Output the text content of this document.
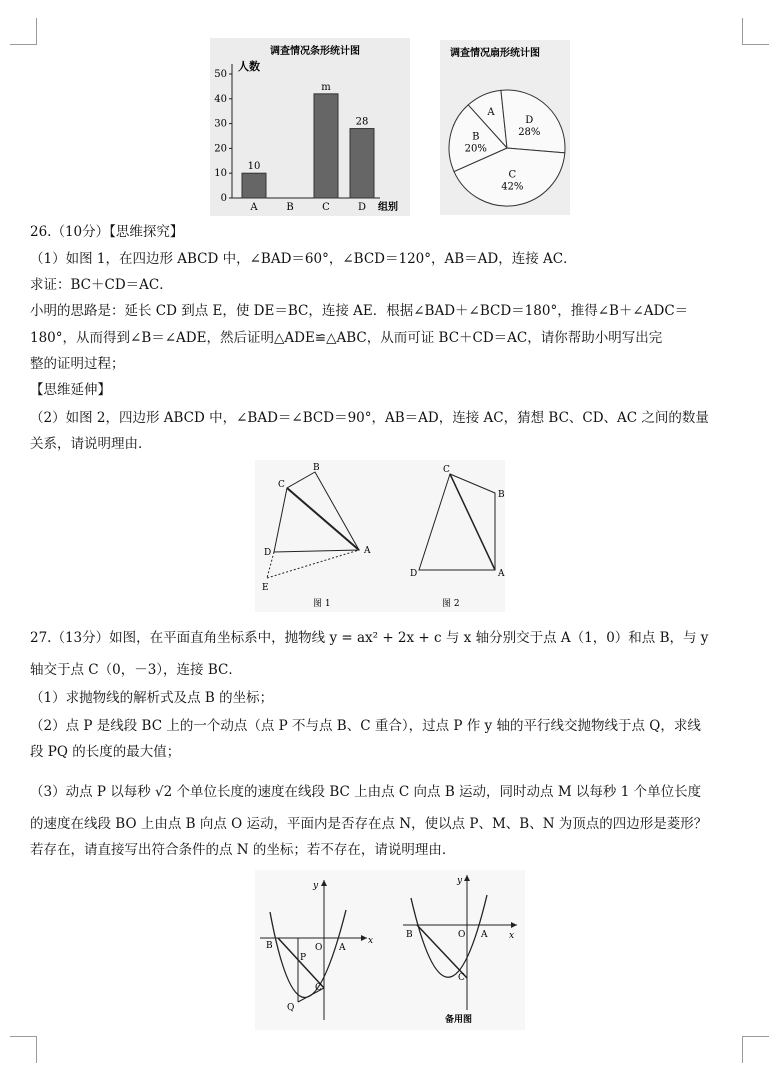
调查情况条形统计图
人数
组别
0
10
20
30
40
50
10
A	B
m
C
28
D
调查情况扇形统计图
A
D
28%
C
42%
B
20%
26.（10分）【思维探究】
（1）如图 1，在四边形 ABCD 中，∠BAD＝60°，∠BCD＝120°，AB＝AD，连接 AC．
求证：BC＋CD＝AC．
小明的思路是：延长 CD 到点 E，使 DE＝BC，连接 AE．根据∠BAD＋∠BCD＝180°，推得∠B＋∠ADC＝
180°，从而得到∠B＝∠ADE，然后证明△ADE≌△ABC，从而可证 BC＋CD＝AC，请你帮助小明写出完
整的证明过程；
【思维延伸】
（2）如图 2，四边形 ABCD 中，∠BAD＝∠BCD＝90°，AB＝AD，连接 AC，猜想 BC、CD、AC 之间的数量
关系，请说明理由．
B
C
D	A
E
图 1
C
B
D	A
图 2
27.（13分）如图，在平面直角坐标系中，抛物线 y = ax² + 2x + c 与 x 轴分别交于点 A（1，0）和点 B，与 y
轴交于点 C（0，－3），连接 BC．
（1）求抛物线的解析式及点 B 的坐标；
（2）点 P 是线段 BC 上的一个动点（点 P 不与点 B、C 重合），过点 P 作 y 轴的平行线交抛物线于点 Q，求线
段 PQ 的长度的最大值；
（3）动点 P 以每秒 √2 个单位长度的速度在线段 BC 上由点 C 向点 B 运动，同时动点 M 以每秒 1 个单位长度
的速度在线段 BO 上由点 B 向点 O 运动，平面内是否存在点 N，使以点 P、M、B、N 为顶点的四边形是菱形？
若存在，请直接写出符合条件的点 N 的坐标；若不存在，请说明理由．
x
y
O A
B
C
P
Q
x
y
O A
B
C
备用图
